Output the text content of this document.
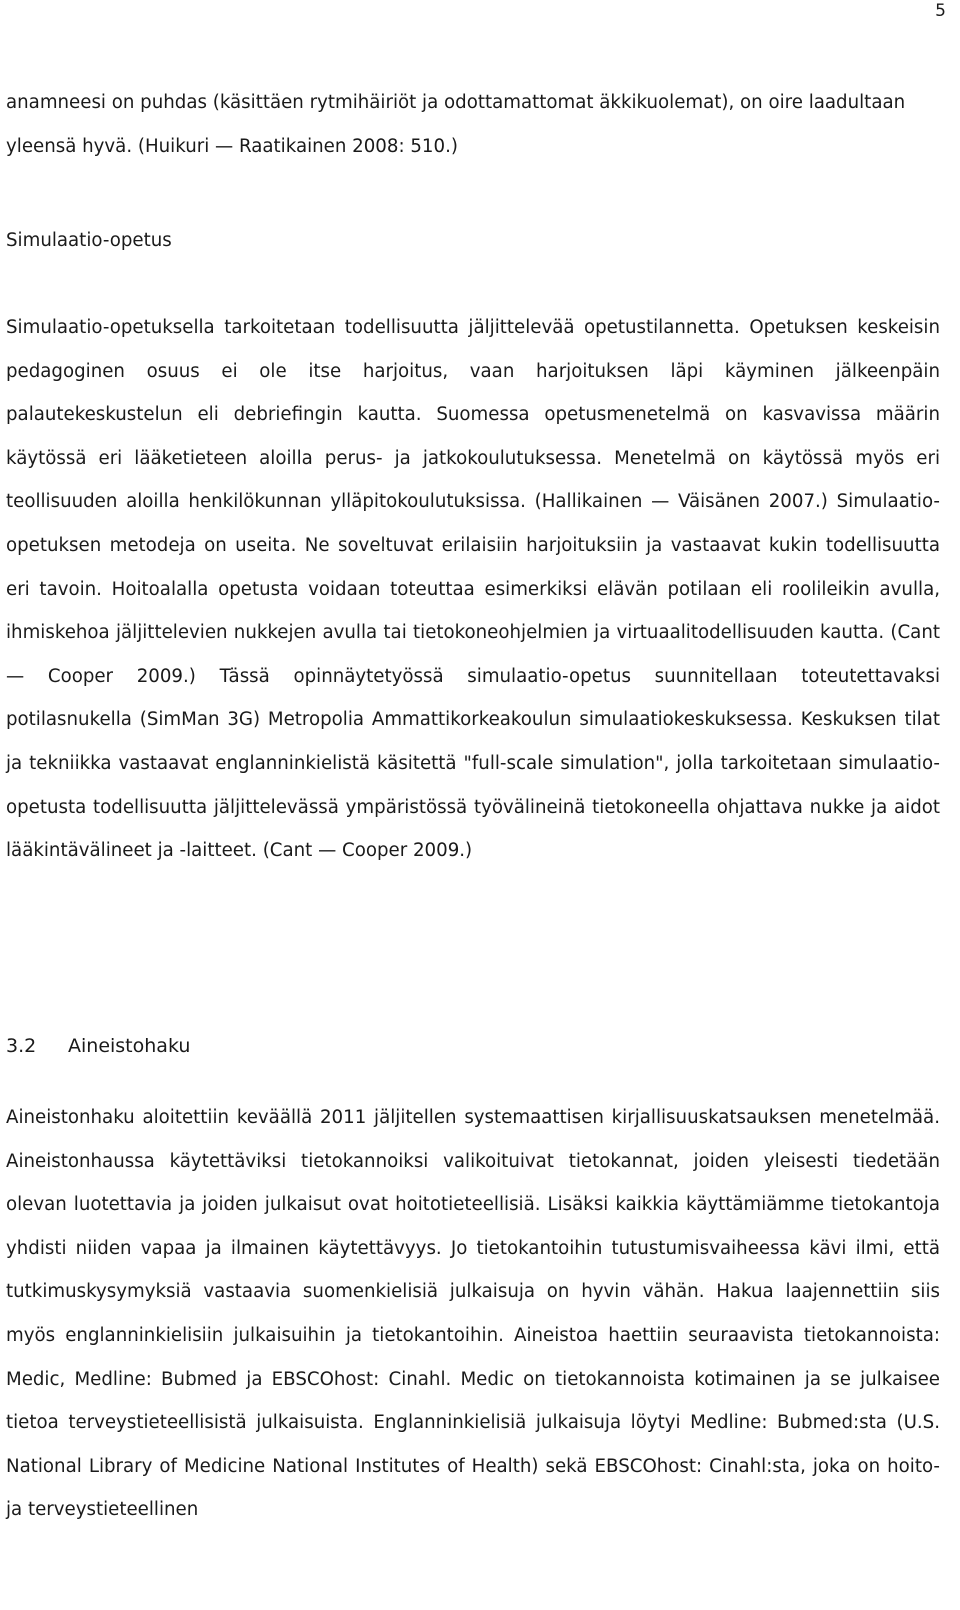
5
anamneesi on puhdas (käsittäen rytmihäiriöt ja odottamattomat äkkikuolemat), on oire laadultaan yleensä hyvä. (Huikuri — Raatikainen 2008: 510.)
Simulaatio-opetus
Simulaatio-opetuksella tarkoitetaan todellisuutta jäljittelevää opetustilannetta. Opetuksen keskeisin pedagoginen osuus ei ole itse harjoitus, vaan harjoituksen läpi käyminen jälkeenpäin palautekeskustelun eli debriefingin kautta. Suomessa opetusmenetelmä on kasvavissa määrin käytössä eri lääketieteen aloilla perus- ja jatkokoulutuksessa. Menetelmä on käytössä myös eri teollisuuden aloilla henkilökunnan ylläpitokoulutuksissa. (Hallikainen — Väisänen 2007.) Simulaatio-opetuksen metodeja on useita. Ne soveltuvat erilaisiin harjoituksiin ja vastaavat kukin todellisuutta eri tavoin. Hoitoalalla opetusta voidaan toteuttaa esimerkiksi elävän potilaan eli roolileikin avulla, ihmiskehoa jäljittelevien nukkejen avulla tai tietokoneohjelmien ja virtuaalitodellisuuden kautta. (Cant — Cooper 2009.) Tässä opinnäytetyössä simulaatio-opetus suunnitellaan toteutettavaksi potilasnukella (SimMan 3G) Metropolia Ammattikorkeakoulun simulaatiokeskuksessa. Keskuksen tilat ja tekniikka vastaavat englanninkielistä käsitettä "full-scale simulation", jolla tarkoitetaan simulaatio-opetusta todellisuutta jäljittelevässä ympäristössä työvälineinä tietokoneella ohjattava nukke ja aidot lääkintävälineet ja -laitteet. (Cant — Cooper 2009.)
3.2 Aineistohaku
Aineistonhaku aloitettiin keväällä 2011 jäljitellen systemaattisen kirjallisuuskatsauksen menetelmää. Aineistonhaussa käytettäviksi tietokannoiksi valikoituivat tietokannat, joiden yleisesti tiedetään olevan luotettavia ja joiden julkaisut ovat hoitotieteellisiä. Lisäksi kaikkia käyttämiämme tietokantoja yhdisti niiden vapaa ja ilmainen käytettävyys. Jo tietokantoihin tutustumisvaiheessa kävi ilmi, että tutkimuskysymyksiä vastaavia suomenkielisiä julkaisuja on hyvin vähän. Hakua laajennettiin siis myös englanninkielisiin julkaisuihin ja tietokantoihin. Aineistoa haettiin seuraavista tietokannoista: Medic, Medline: Bubmed ja EBSCOhost: Cinahl. Medic on tietokannoista kotimainen ja se julkaisee tietoa terveystieteellisistä julkaisuista. Englanninkielisiä julkaisuja löytyi Medline: Bubmed:sta (U.S. National Library of Medicine National Institutes of Health) sekä EBSCOhost: Cinahl:sta, joka on hoito- ja terveystieteellinen
